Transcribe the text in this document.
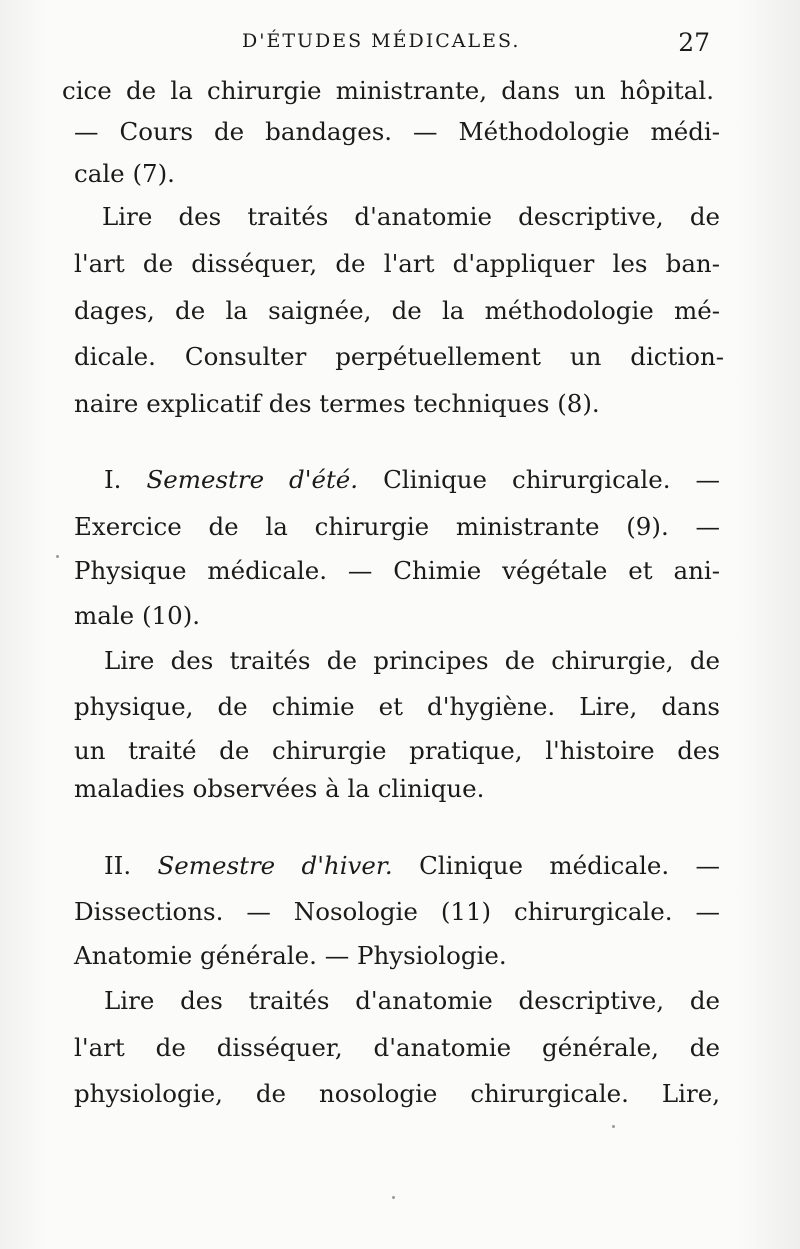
D'ÉTUDES MÉDICALES.	27
cice de la chirurgie ministrante, dans un hôpital.
— Cours de bandages. — Méthodologie médi-
cale (7).
Lire des traités d'anatomie descriptive, de
l'art de disséquer, de l'art d'appliquer les ban-
dages, de la saignée, de la méthodologie mé-
dicale. Consulter perpétuellement un diction-
naire explicatif des termes techniques (8).
I. Semestre d'été. Clinique chirurgicale. —
Exercice de la chirurgie ministrante (9). —
Physique médicale. — Chimie végétale et ani-
male (10).
Lire des traités de principes de chirurgie, de
physique, de chimie et d'hygiène. Lire, dans
un traité de chirurgie pratique, l'histoire des
maladies observées à la clinique.
II. Semestre d'hiver. Clinique médicale. —
Dissections. — Nosologie (11) chirurgicale. —
Anatomie générale. — Physiologie.
Lire des traités d'anatomie descriptive, de
l'art de disséquer, d'anatomie générale, de
physiologie, de nosologie chirurgicale. Lire,
